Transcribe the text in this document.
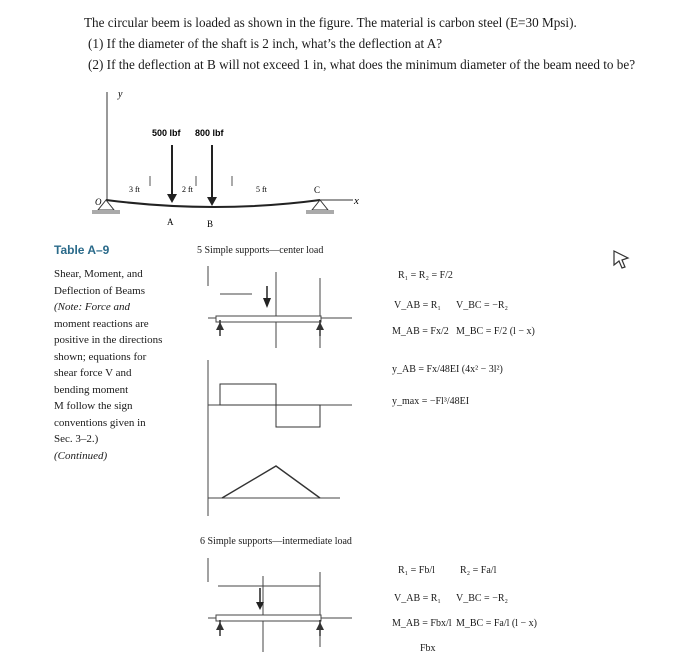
The circular beem is loaded as shown in the figure. The material is carbon steel (E=30 Mpsi).
(1) If the diameter of the shaft is 2 inch, what’s the deflection at A?
(2) If the deflection at B will not exceed 1 in, what does the minimum diameter of the beam need to be?
y
x
500 lbf 800 lbf
3 ft	2 ft	5 ft	C
O
A	B
Table A–9
Shear, Moment, and
Deflection of Beams
(Note: Force and
moment reactions are
positive in the directions
shown; equations for
shear force V and
bending moment
M follow the sign
conventions given in
Sec. 3–2.)
(Continued)
5 Simple supports—center load
R₁ = R₂ = F/2
V_AB = R₁ V_BC = −R₂
M_AB = Fx/2 M_BC = F/2 (l − x)
y_AB = Fx/48EI (4x² − 3l²)
y_max = −Fl³/48EI
6 Simple supports—intermediate load
R₁ = Fb/l	R₂ = Fa/l
V_AB = R₁ V_BC = −R₂
M_AB = Fbx/l M_BC = Fa/l (l − x)
Fbx
